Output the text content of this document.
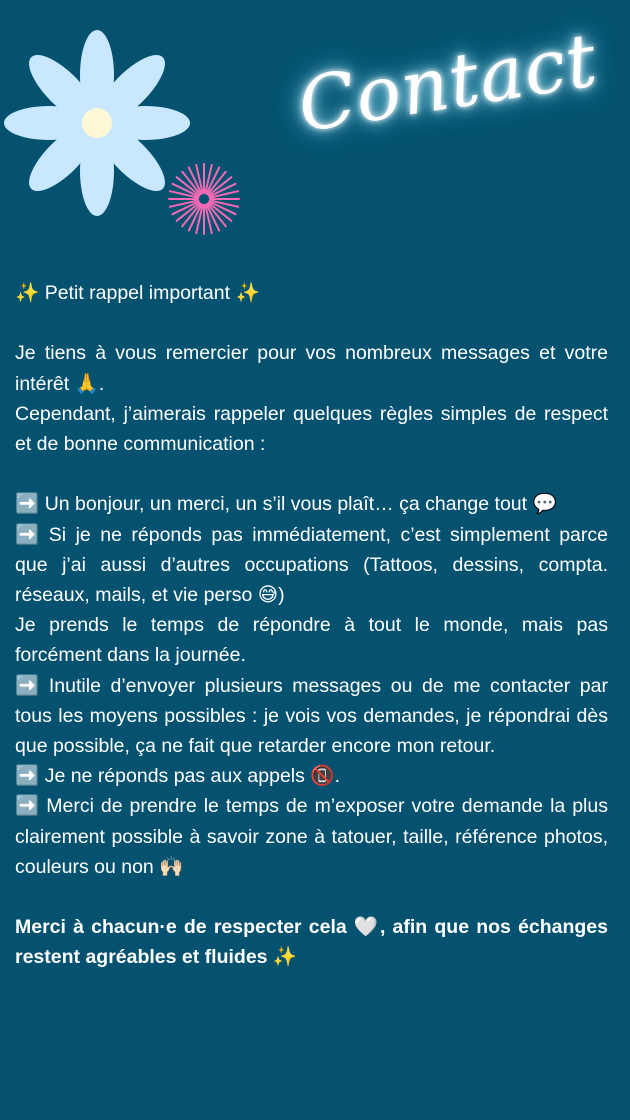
Contact

✨ Petit rappel important ✨

Je tiens à vous remercier pour vos nombreux messages et votre intérêt 🙏.

Cependant, j’aimerais rappeler quelques règles simples de respect et de bonne communication :

➡️ Un bonjour, un merci, un s’il vous plaît… ça change tout 💬

➡️ Si je ne réponds pas immédiatement, c’est simplement parce que j’ai aussi d’autres occupations (Tattoos, dessins, compta. réseaux, mails, et vie perso 😅)

Je prends le temps de répondre à tout le monde, mais pas forcément dans la journée.

➡️ Inutile d’envoyer plusieurs messages ou de me contacter par tous les moyens possibles : je vois vos demandes, je répondrai dès que possible, ça ne fait que retarder encore mon retour.

➡️ Je ne réponds pas aux appels 📵.

➡️ Merci de prendre le temps de m’exposer votre demande la plus clairement possible à savoir zone à tatouer, taille, référence photos, couleurs ou non 🙌🏻

Merci à chacun·e de respecter cela 🤍, afin que nos échanges restent agréables et fluides ✨
